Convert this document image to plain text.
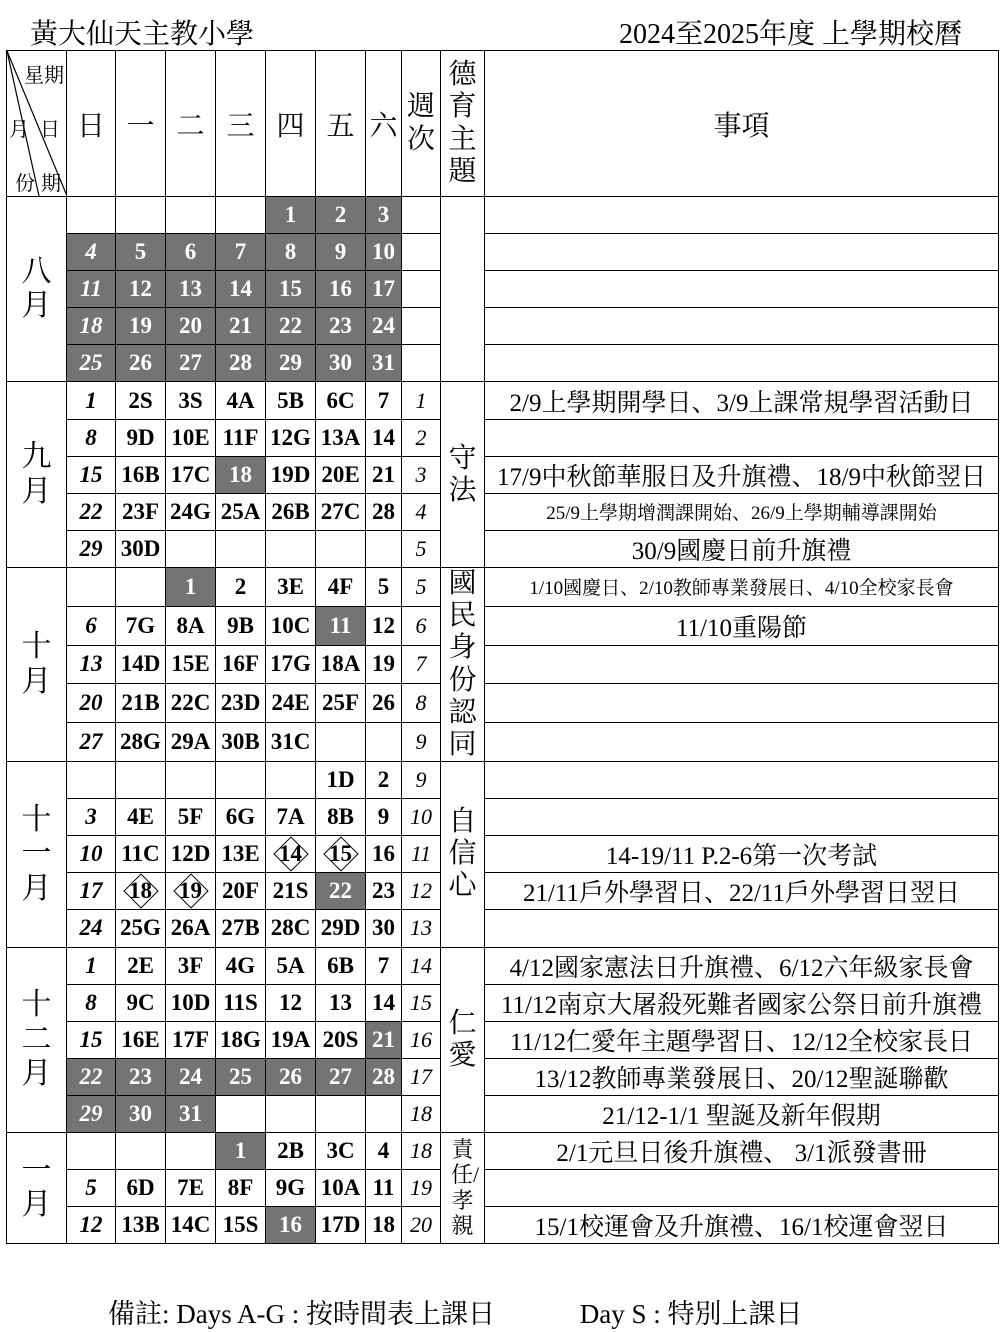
黃大仙天主教小學	2024至2025年度 上學期校曆
星期
日
月
期
份	日	一	二	三	四	五	六	週次	德育主題	事項
八月					1	2	3			
	4	5	6	7	8	9	10			
	11	12	13	14	15	16	17			
	18	19	20	21	22	23	24			
	25	26	27	28	29	30	31			
九月	1	2S	3S	4A	5B	6C	7	1	守法	2/9上學期開學日、3/9上課常規學習活動日
	8	9D	10E	11F	12G	13A	14	2		
	15	16B	17C	18	19D	20E	21	3		17/9中秋節華服日及升旗禮、18/9中秋節翌日
	22	23F	24G	25A	26B	27C	28	4		25/9上學期增潤課開始、26/9上學期輔導課開始
	29	30D						5		30/9國慶日前升旗禮
十月			1	2	3E	4F	5	5	國民身份認同	1/10國慶日、2/10教師專業發展日、4/10全校家長會
	6	7G	8A	9B	10C	11	12	6		11/10重陽節
	13	14D	15E	16F	17G	18A	19	7		
	20	21B	22C	23D	24E	25F	26	8		
	27	28G	29A	30B	31C			9		
十一月						1D	2	9	自信心	
	3	4E	5F	6G	7A	8B	9	10		
	10	11C	12D	13E	14	15	16	11		14-19/11 P.2-6第一次考試
	17	18	19	20F	21S	22	23	12		21/11戶外學習日、22/11戶外學習日翌日
	24	25G	26A	27B	28C	29D	30	13		
十二月	1	2E	3F	4G	5A	6B	7	14	仁愛	4/12國家憲法日升旗禮、6/12六年級家長會
	8	9C	10D	11S	12	13	14	15		11/12南京大屠殺死難者國家公祭日前升旗禮
	15	16E	17F	18G	19A	20S	21	16		11/12仁愛年主題學習日、12/12全校家長日
	22	23	24	25	26	27	28	17		13/12教師專業發展日、20/12聖誕聯歡
	29	30	31					18		21/12-1/1 聖誕及新年假期
一月				1	2B	3C	4	18	責任/孝親	2/1元旦日後升旗禮、 3/1派發書冊
	5	6D	7E	8F	9G	10A	11	19		
	12	13B	14C	15S	16	17D	18	20		15/1校運會及升旗禮、16/1校運會翌日
備註: Days A-G : 按時間表上課日	Day S : 特別上課日
